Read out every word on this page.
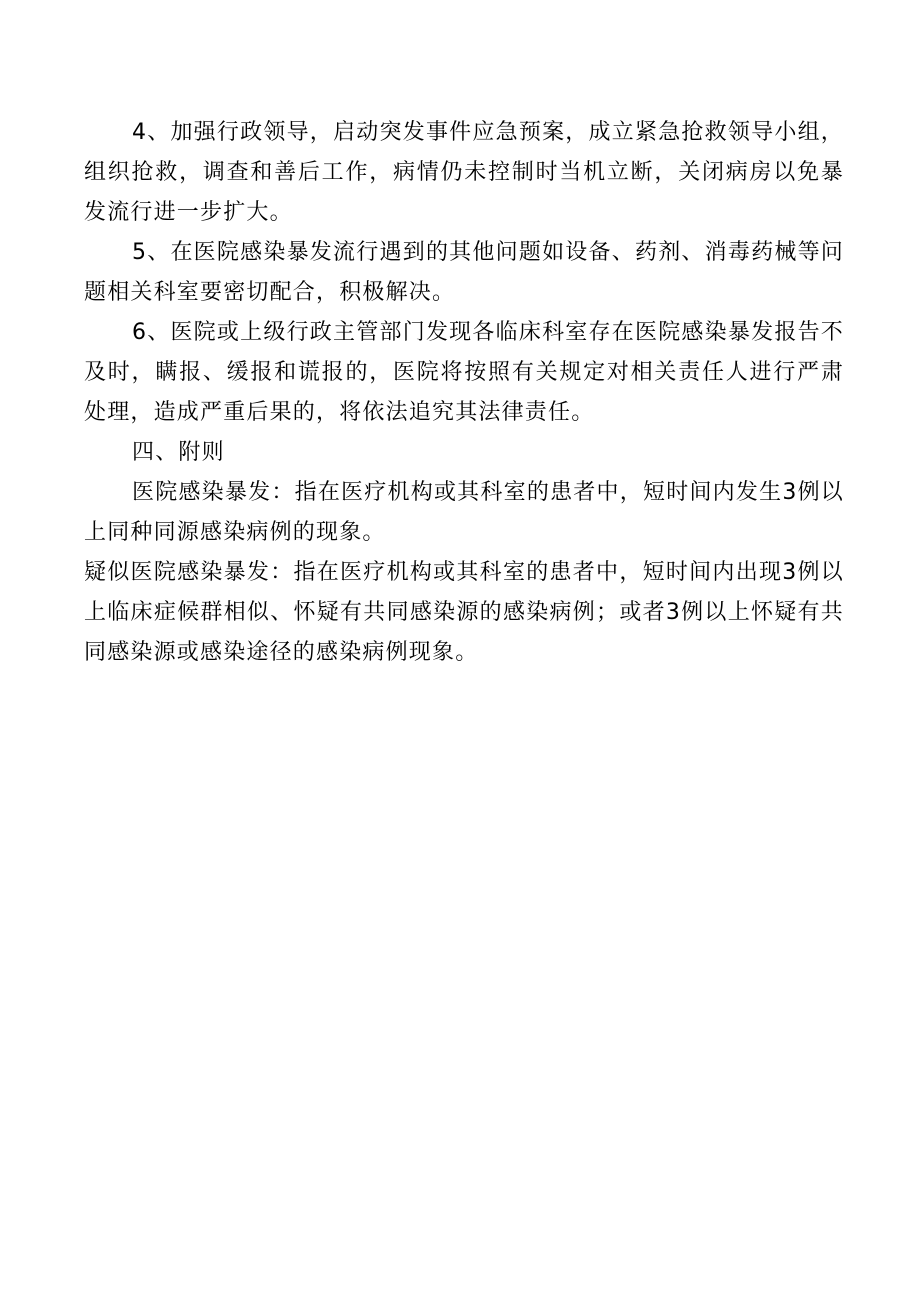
4、加强行政领导，启动突发事件应急预案，成立紧急抢救领导小组，组织抢救，调查和善后工作，病情仍未控制时当机立断，关闭病房以免暴发流行进一步扩大。

5、在医院感染暴发流行遇到的其他问题如设备、药剂、消毒药械等问题相关科室要密切配合，积极解决。

6、医院或上级行政主管部门发现各临床科室存在医院感染暴发报告不及时，瞒报、缓报和谎报的，医院将按照有关规定对相关责任人进行严肃处理，造成严重后果的，将依法追究其法律责任。

四、附则

医院感染暴发：指在医疗机构或其科室的患者中，短时间内发生3例以上同种同源感染病例的现象。

疑似医院感染暴发：指在医疗机构或其科室的患者中，短时间内出现3例以上临床症候群相似、怀疑有共同感染源的感染病例；或者3例以上怀疑有共同感染源或感染途径的感染病例现象。
